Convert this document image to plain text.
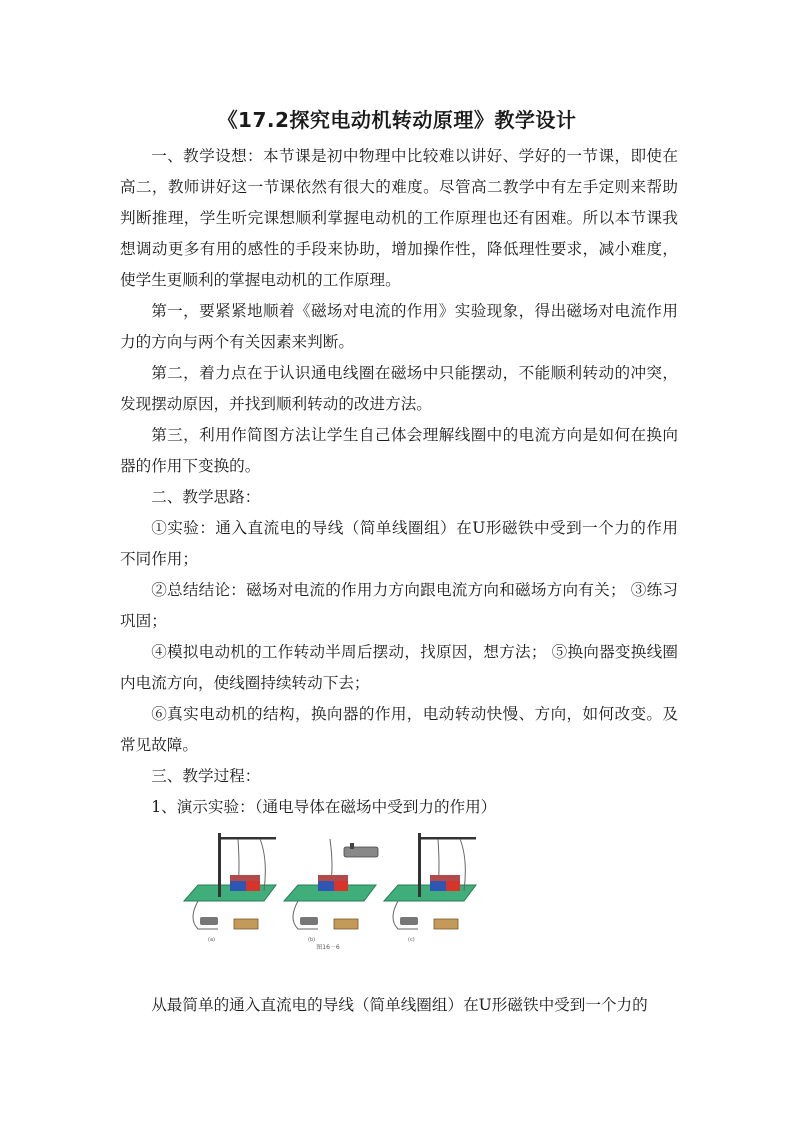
《17.2探究电动机转动原理》教学设计

一、教学设想：本节课是初中物理中比较难以讲好、学好的一节课，即使在高二，教师讲好这一节课依然有很大的难度。尽管高二教学中有左手定则来帮助判断推理，学生听完课想顺利掌握电动机的工作原理也还有困难。所以本节课我想调动更多有用的感性的手段来协助，增加操作性，降低理性要求，减小难度，使学生更顺利的掌握电动机的工作原理。

第一，要紧紧地顺着《磁场对电流的作用》实验现象，得出磁场对电流作用力的方向与两个有关因素来判断。

第二，着力点在于认识通电线圈在磁场中只能摆动，不能顺利转动的冲突，发现摆动原因，并找到顺利转动的改进方法。

第三，利用作简图方法让学生自己体会理解线圈中的电流方向是如何在换向器的作用下变换的。

二、教学思路：

①实验：通入直流电的导线（简单线圈组）在U形磁铁中受到一个力的作用不同作用；

②总结结论：磁场对电流的作用力方向跟电流方向和磁场方向有关； ③练习巩固；

④模拟电动机的工作转动半周后摆动，找原因，想方法； ⑤换向器变换线圈内电流方向，使线圈持续转动下去；

⑥真实电动机的结构，换向器的作用，电动转动快慢、方向，如何改变。及常见故障。

三、教学过程：

1、演示实验：（通电导体在磁场中受到力的作用）

(a)	(b)	(c)
图16－6

从最简单的通入直流电的导线（简单线圈组）在U形磁铁中受到一个力的
